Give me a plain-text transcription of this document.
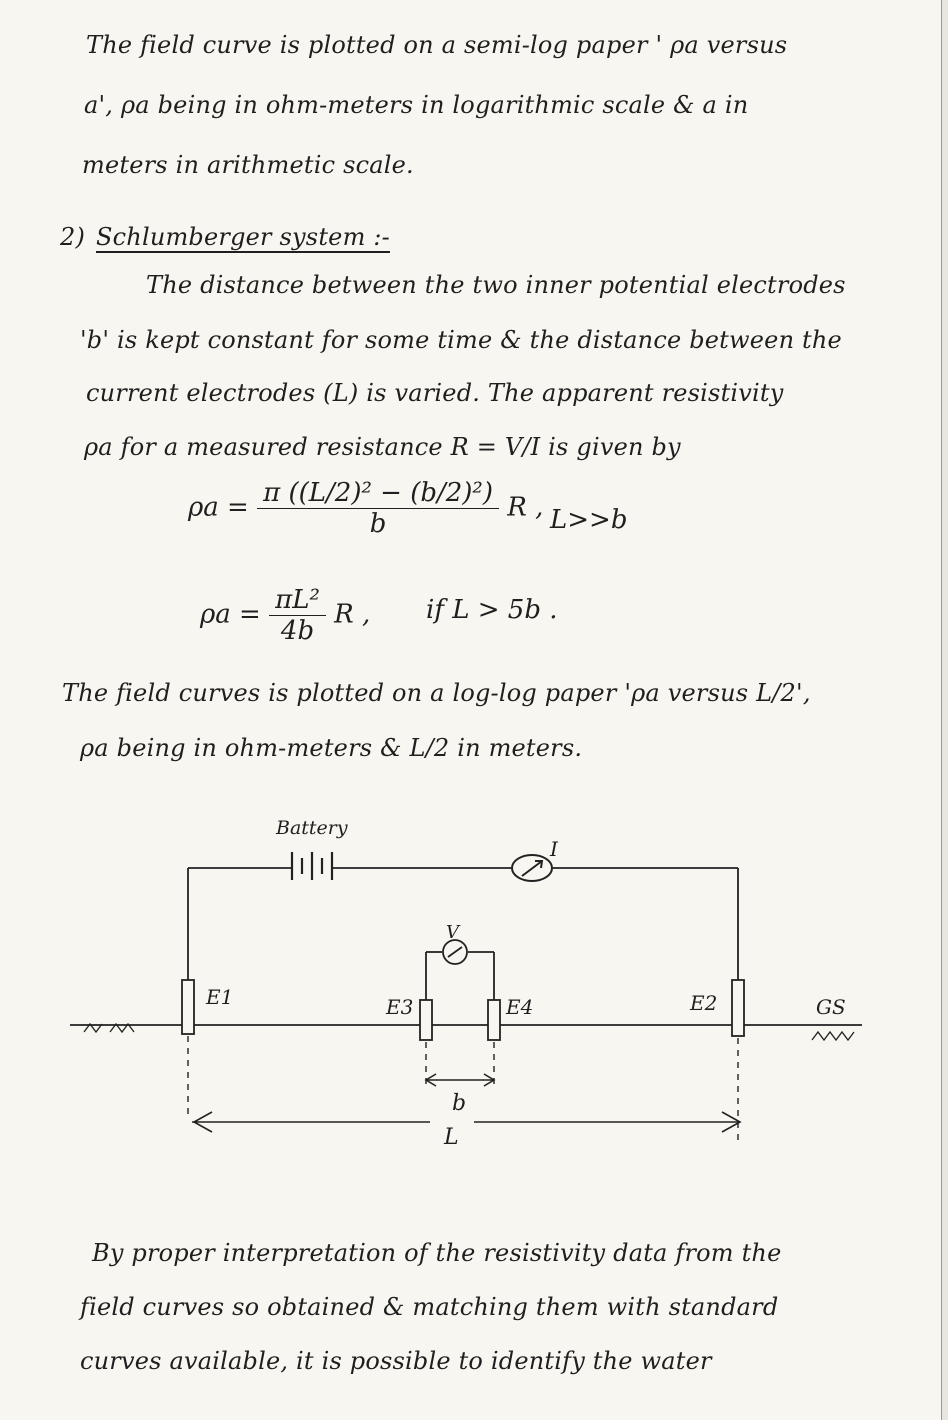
The field curve is plotted on a semi-log paper ' ρa versus
a', ρa being in ohm-meters in logarithmic scale & a in
meters in arithmetic scale.
2) Schlumberger system :-
The distance between the two inner potential electrodes
'b' is kept constant for some time & the distance between the
current electrodes (L) is varied. The apparent resistivity
ρa for a measured resistance R = V/I is given by
$\rho a = \frac{\text{π ((L/2)² − (b/2)²)}}{b}$ R , L>>b
$\rho a = \frac{\text{πL²}}{4b}$ R , if L > 5b .
The field curves is plotted on a log-log paper 'ρa versus L/2',
ρa being in ohm-meters & L/2 in meters.
Battery
I
V
E1	E3	E4	E2	GS
b
L
By proper interpretation of the resistivity data from the
field curves so obtained & matching them with standard
curves available, it is possible to identify the water
